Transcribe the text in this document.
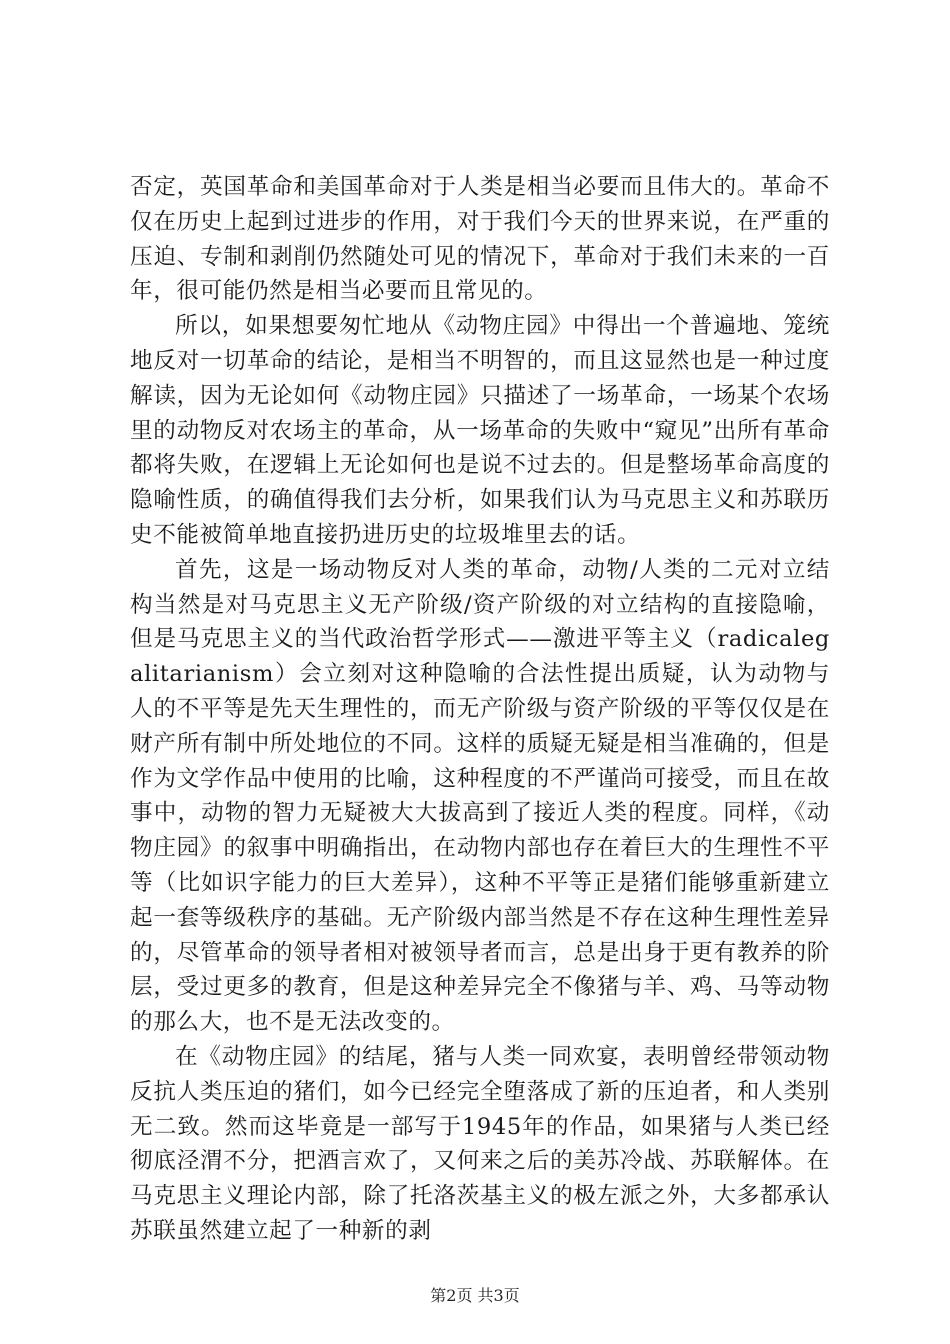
否定，英国革命和美国革命对于人类是相当必要而且伟大的。革命不仅在历史上起到过进步的作用，对于我们今天的世界来说，在严重的压迫、专制和剥削仍然随处可见的情况下，革命对于我们未来的一百年，很可能仍然是相当必要而且常见的。

所以，如果想要匆忙地从《动物庄园》中得出一个普遍地、笼统地反对一切革命的结论，是相当不明智的，而且这显然也是一种过度解读，因为无论如何《动物庄园》只描述了一场革命，一场某个农场里的动物反对农场主的革命，从一场革命的失败中“窥见”出所有革命都将失败，在逻辑上无论如何也是说不过去的。但是整场革命高度的隐喻性质，的确值得我们去分析，如果我们认为马克思主义和苏联历史不能被简单地直接扔进历史的垃圾堆里去的话。

首先，这是一场动物反对人类的革命，动物/人类的二元对立结构当然是对马克思主义无产阶级/资产阶级的对立结构的直接隐喻，但是马克思主义的当代政治哲学形式——激进平等主义（radicalegalitarianism）会立刻对这种隐喻的合法性提出质疑，认为动物与人的不平等是先天生理性的，而无产阶级与资产阶级的平等仅仅是在财产所有制中所处地位的不同。这样的质疑无疑是相当准确的，但是作为文学作品中使用的比喻，这种程度的不严谨尚可接受，而且在故事中，动物的智力无疑被大大拔高到了接近人类的程度。同样，《动物庄园》的叙事中明确指出，在动物内部也存在着巨大的生理性不平等（比如识字能力的巨大差异），这种不平等正是猪们能够重新建立起一套等级秩序的基础。无产阶级内部当然是不存在这种生理性差异的，尽管革命的领导者相对被领导者而言，总是出身于更有教养的阶层，受过更多的教育，但是这种差异完全不像猪与羊、鸡、马等动物的那么大，也不是无法改变的。

在《动物庄园》的结尾，猪与人类一同欢宴，表明曾经带领动物反抗人类压迫的猪们，如今已经完全堕落成了新的压迫者，和人类别无二致。然而这毕竟是一部写于1945年的作品，如果猪与人类已经彻底泾渭不分，把酒言欢了，又何来之后的美苏冷战、苏联解体。在马克思主义理论内部，除了托洛茨基主义的极左派之外，大多都承认苏联虽然建立起了一种新的剥

第2页 共3页
